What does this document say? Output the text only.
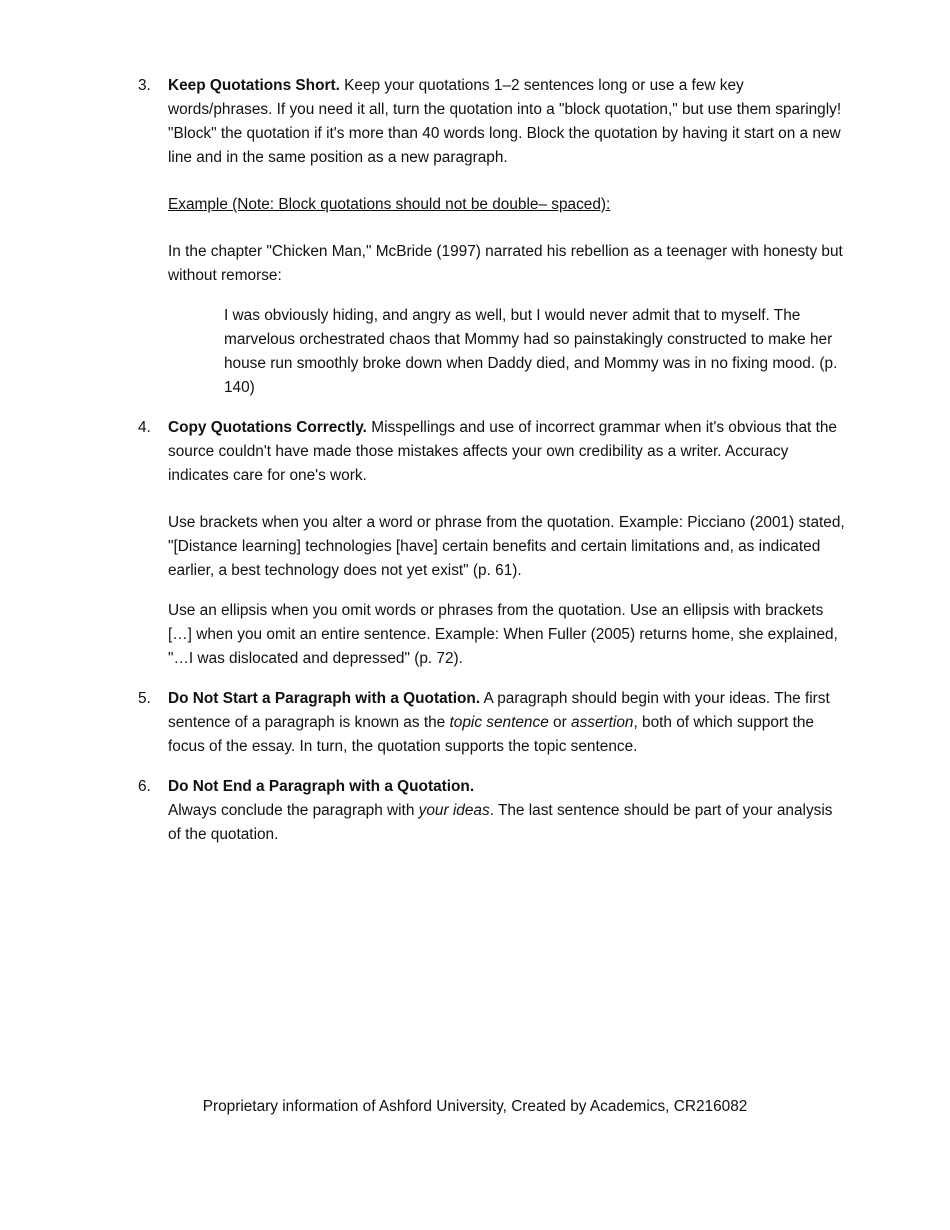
3. Keep Quotations Short. Keep your quotations 1–2 sentences long or use a few key words/phrases. If you need it all, turn the quotation into a "block quotation," but use them sparingly! "Block" the quotation if it's more than 40 words long. Block the quotation by having it start on a new line and in the same position as a new paragraph.

Example (Note: Block quotations should not be double– spaced):

In the chapter "Chicken Man," McBride (1997) narrated his rebellion as a teenager with honesty but without remorse:

I was obviously hiding, and angry as well, but I would never admit that to myself. The marvelous orchestrated chaos that Mommy had so painstakingly constructed to make her house run smoothly broke down when Daddy died, and Mommy was in no fixing mood. (p. 140)

4. Copy Quotations Correctly. Misspellings and use of incorrect grammar when it's obvious that the source couldn't have made those mistakes affects your own credibility as a writer. Accuracy indicates care for one's work.

Use brackets when you alter a word or phrase from the quotation. Example: Picciano (2001) stated, "[Distance learning] technologies [have] certain benefits and certain limitations and, as indicated earlier, a best technology does not yet exist" (p. 61).

Use an ellipsis when you omit words or phrases from the quotation. Use an ellipsis with brackets […] when you omit an entire sentence. Example: When Fuller (2005) returns home, she explained, "…I was dislocated and depressed" (p. 72).

5. Do Not Start a Paragraph with a Quotation. A paragraph should begin with your ideas. The first sentence of a paragraph is known as the topic sentence or assertion, both of which support the focus of the essay. In turn, the quotation supports the topic sentence.

6. Do Not End a Paragraph with a Quotation.

Always conclude the paragraph with your ideas. The last sentence should be part of your analysis of the quotation.

Proprietary information of Ashford University, Created by Academics, CR216082
